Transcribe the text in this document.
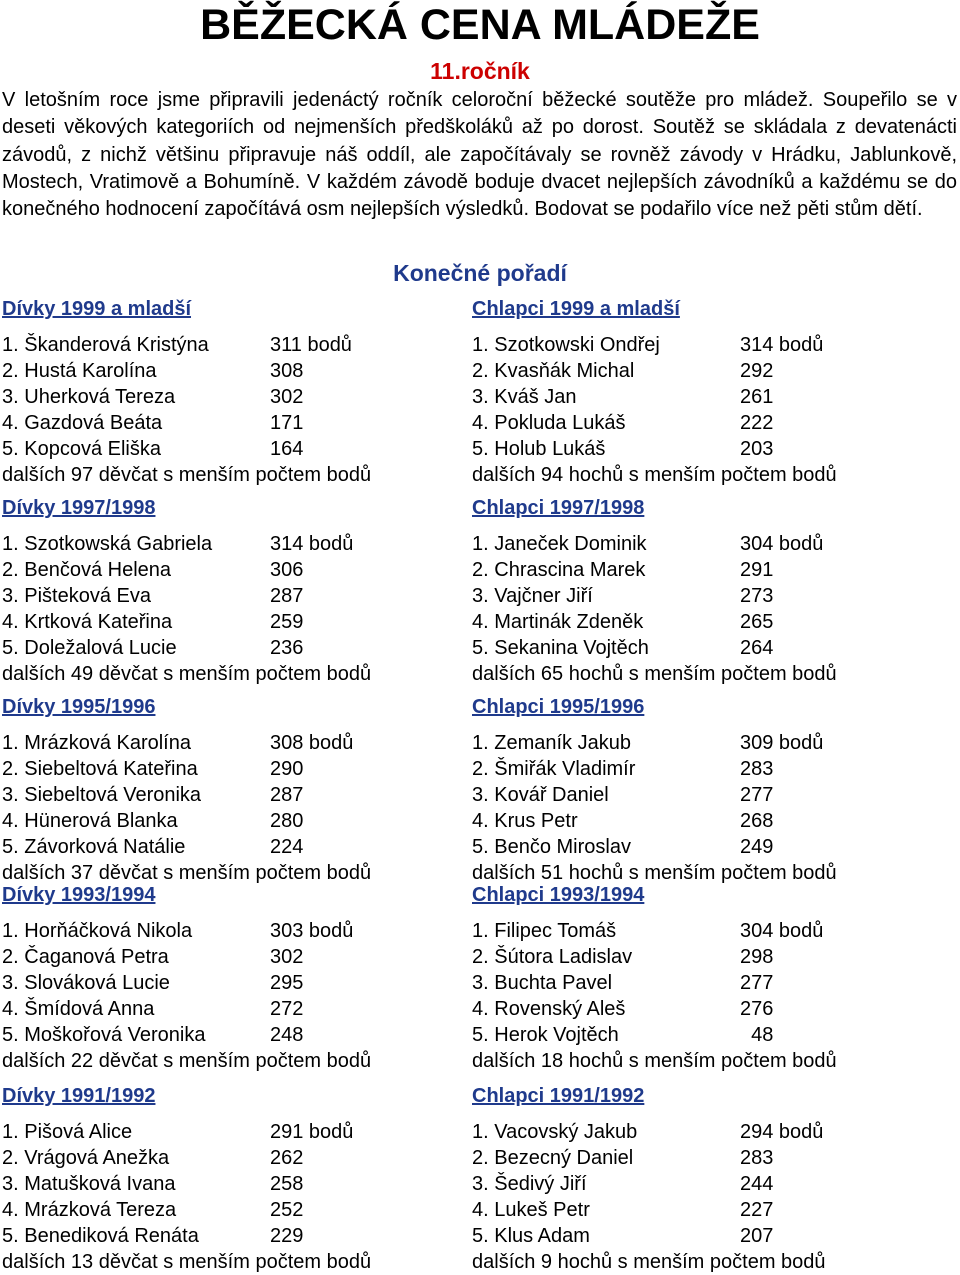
BĚŽECKÁ CENA MLÁDEŽE
11.ročník

V letošním roce jsme připravili jedenáctý ročník celoroční běžecké soutěže pro mládež. Soupeřilo se v deseti věkových kategoriích od nejmenších předškoláků až po dorost. Soutěž se skládala z devatenácti závodů, z nichž většinu připravuje náš oddíl, ale započítávaly se rovněž závody v Hrádku, Jablunkově, Mostech, Vratimově a Bohumíně. V každém závodě boduje dvacet nejlepších závodníků a každému se do konečného hodnocení započítává osm nejlepších výsledků. Bodovat se podařilo více než pěti stům dětí.

Konečné pořadí
Dívky 1999 a mladší
1. Škanderová Kristýna	311 bodů
2. Hustá Karolína	308
3. Uherková Tereza	302
4. Gazdová Beáta	171
5. Kopcová Eliška	164
dalších 97 děvčat s menším počtem bodů
Dívky 1997/1998
1. Szotkowská Gabriela	314 bodů
2. Benčová Helena	306
3. Pišteková Eva	287
4. Krtková Kateřina	259
5. Doležalová Lucie	236
dalších 49 děvčat s menším počtem bodů
Dívky 1995/1996
1. Mrázková Karolína	308 bodů
2. Siebeltová Kateřina	290
3. Siebeltová Veronika	287
4. Hünerová Blanka	280
5. Závorková Natálie	224
dalších 37 děvčat s menším počtem bodů
Dívky 1993/1994
1. Horňáčková Nikola	303 bodů
2. Čaganová Petra	302
3. Slováková Lucie	295
4. Šmídová Anna	272
5. Moškořová Veronika	248
dalších 22 děvčat s menším počtem bodů
Dívky 1991/1992
1. Pišová Alice	291 bodů
2. Vrágová Anežka	262
3. Matušková Ivana	258
4. Mrázková Tereza	252
5. Benediková Renáta	229
dalších 13 děvčat s menším počtem bodů
Chlapci 1999 a mladší
1. Szotkowski Ondřej	314 bodů
2. Kvasňák Michal	292
3. Kváš Jan	261
4. Pokluda Lukáš	222
5. Holub Lukáš	203
dalších 94 hochů s menším počtem bodů
Chlapci 1997/1998
1. Janeček Dominik	304 bodů
2. Chrascina Marek	291
3. Vajčner Jiří	273
4. Martinák Zdeněk	265
5. Sekanina Vojtěch	264
dalších 65 hochů s menším počtem bodů
Chlapci 1995/1996
1. Zemaník Jakub	309 bodů
2. Šmiřák Vladimír	283
3. Kovář Daniel	277
4. Krus Petr	268
5. Benčo Miroslav	249
dalších 51 hochů s menším počtem bodů
Chlapci 1993/1994
1. Filipec Tomáš	304 bodů
2. Šútora Ladislav	298
3. Buchta Pavel	277
4. Rovenský Aleš	276
5. Herok Vojtěch	48
dalších 18 hochů s menším počtem bodů
Chlapci 1991/1992
1. Vacovský Jakub	294 bodů
2. Bezecný Daniel	283
3. Šedivý Jiří	244
4. Lukeš Petr	227
5. Klus Adam	207
dalších 9 hochů s menším počtem bodů
